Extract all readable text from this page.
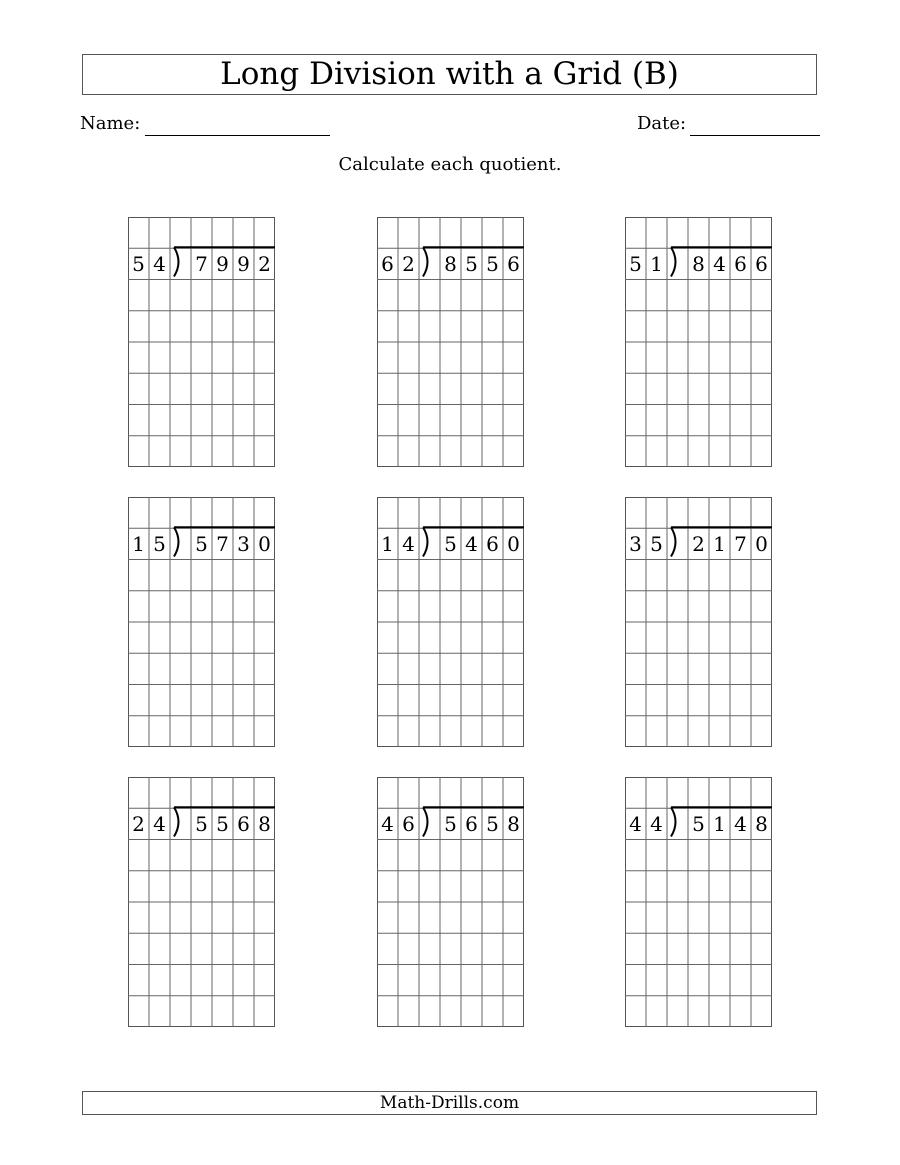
Long Division with a Grid (B)
Name:	Date:
Calculate each quotient.
5 4 7 9 9 2	6 2 8 5 5 6	5 1 8 4 6 6
1 5 5 7 3 0	1 4 5 4 6 0	3 5 2 1 7 0
2 4 5 5 6 8	4 6 5 6 5 8	4 4 5 1 4 8
Math-Drills.com
